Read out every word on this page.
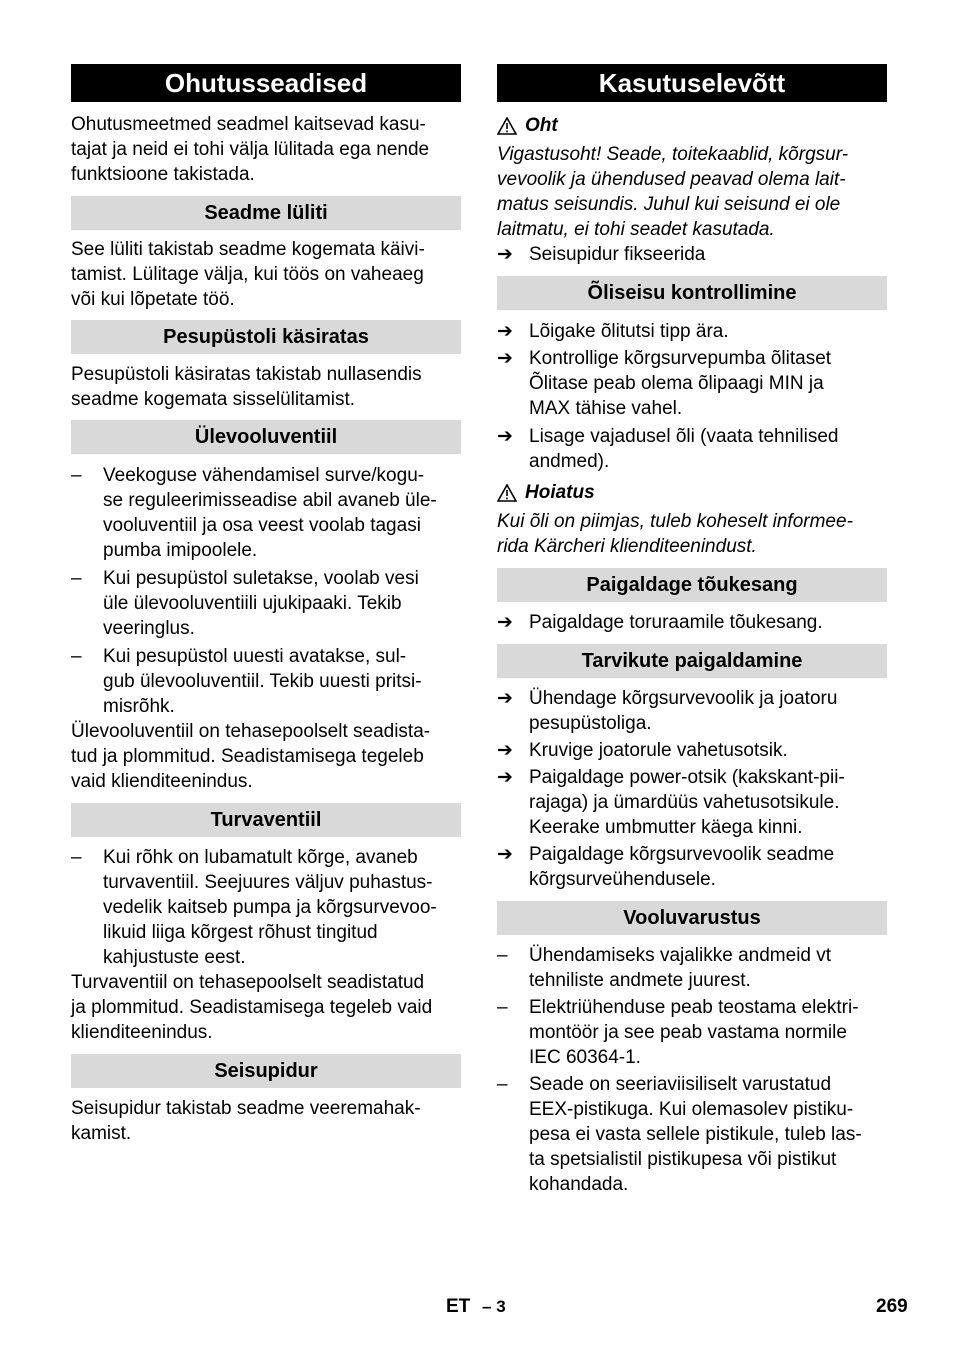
Ohutusseadised

Ohutusmeetmed seadmel kaitsevad kasu-
tajat ja neid ei tohi välja lülitada ega nende
funktsioone takistada.

Seadme lüliti

See lüliti takistab seadme kogemata käivi-
tamist. Lülitage välja, kui töös on vaheaeg
või kui lõpetate töö.

Pesupüstoli käsiratas

Pesupüstoli käsiratas takistab nullasendis
seadme kogemata sisselülitamist.

Ülevooluventiil
–	Veekoguse vähendamisel surve/kogu-
se reguleerimisseadise abil avaneb üle-
vooluventiil ja osa veest voolab tagasi
pumba imipoolele.
–	Kui pesupüstol suletakse, voolab vesi
üle ülevooluventiili ujukipaaki. Tekib
veeringlus.
–	Kui pesupüstol uuesti avatakse, sul-
gub ülevooluventiil. Tekib uuesti pritsi-
misrõhk.

Ülevooluventiil on tehasepoolselt seadista-
tud ja plommitud. Seadistamisega tegeleb
vaid klienditeenindus.

Turvaventiil
–	Kui rõhk on lubamatult kõrge, avaneb
turvaventiil. Seejuures väljuv puhastus-
vedelik kaitseb pumpa ja kõrgsurvevoo-
likuid liiga kõrgest rõhust tingitud
kahjustuste eest.

Turvaventiil on tehasepoolselt seadistatud
ja plommitud. Seadistamisega tegeleb vaid
klienditeenindus.

Seisupidur

Seisupidur takistab seadme veeremahak-
kamist.

Kasutuselevõtt
Oht

Vigastusoht! Seade, toitekaablid, kõrgsur-
vevoolik ja ühendused peavad olema lait-
matus seisundis. Juhul kui seisund ei ole
laitmatu, ei tohi seadet kasutada.

➔ Seisupidur fikseerida
Õliseisu kontrollimine
➔ Lõigake õlitutsi tipp ära.
➔ Kontrollige kõrgsurvepumba õlitaset
Õlitase peab olema õlipaagi MIN ja
MAX tähise vahel.
➔ Lisage vajadusel õli (vaata tehnilised
andmed).
Hoiatus

Kui õli on piimjas, tuleb koheselt informee-
rida Kärcheri klienditeenindust.

Paigaldage tõukesang
➔ Paigaldage toruraamile tõukesang.
Tarvikute paigaldamine
➔ Ühendage kõrgsurvevoolik ja joatoru
pesupüstoliga.
➔ Kruvige joatorule vahetusotsik.
➔ Paigaldage power-otsik (kakskant-pii-
rajaga) ja ümardüüs vahetusotsikule.
Keerake umbmutter käega kinni.
➔ Paigaldage kõrgsurvevoolik seadme
kõrgsurveühendusele.
Vooluvarustus
–	Ühendamiseks vajalikke andmeid vt
tehniliste andmete juurest.
–	Elektriühenduse peab teostama elektri-
montöör ja see peab vastama normile
IEC 60364-1.
–	Seade on seeriaviisiliselt varustatud
EEX-pistikuga. Kui olemasolev pistiku-
pesa ei vasta sellele pistikule, tuleb las-
ta spetsialistil pistikupesa või pistikut
kohandada.
ET – 3	269
